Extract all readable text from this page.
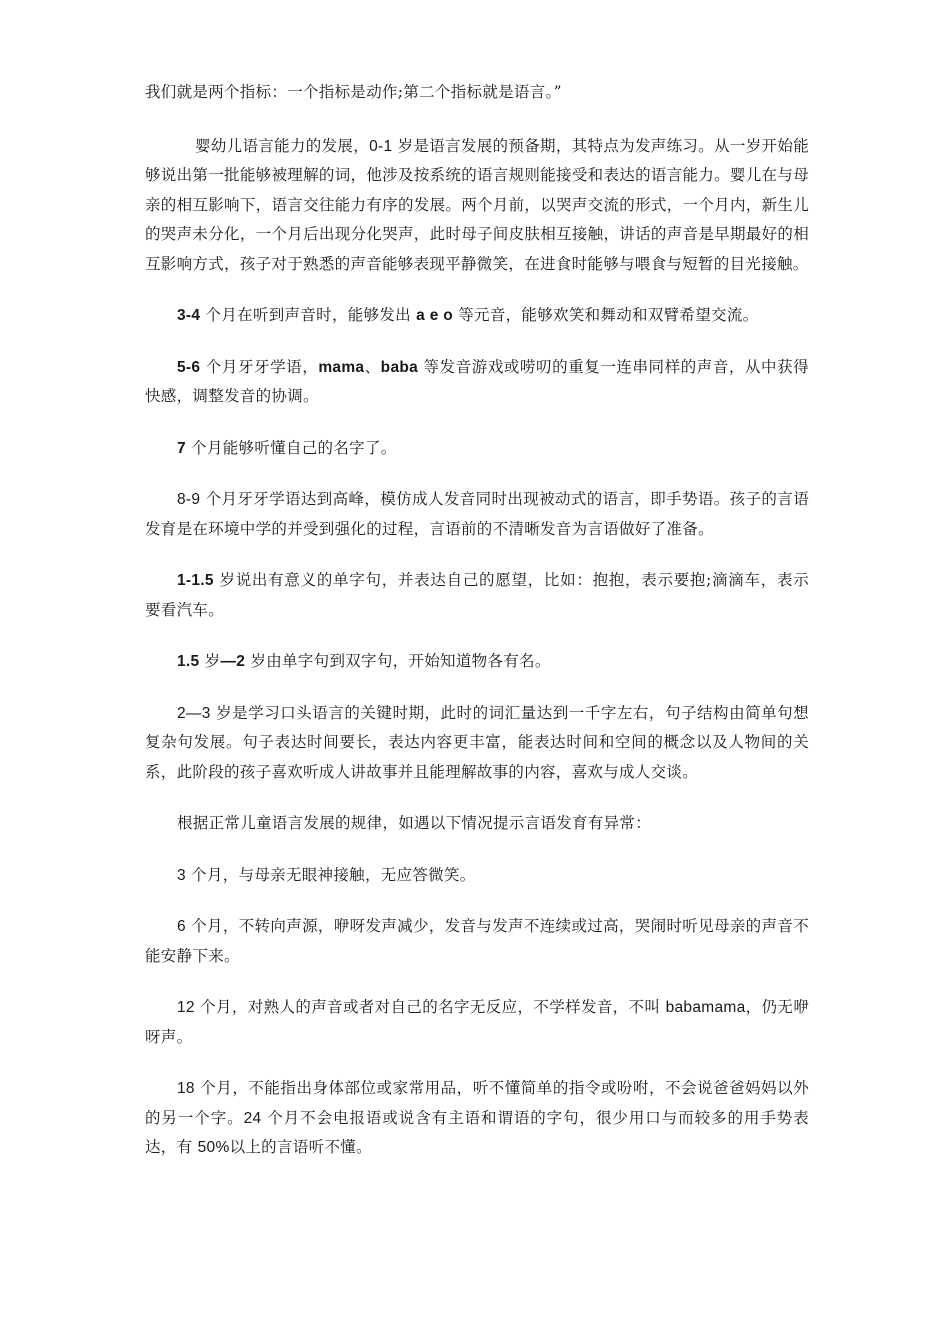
我们就是两个指标：一个指标是动作;第二个指标就是语言。”

婴幼儿语言能力的发展，0-1 岁是语言发展的预备期，其特点为发声练习。从一岁开始能够说出第一批能够被理解的词，他涉及按系统的语言规则能接受和表达的语言能力。婴儿在与母亲的相互影响下，语言交往能力有序的发展。两个月前，以哭声交流的形式，一个月内，新生儿的哭声未分化，一个月后出现分化哭声，此时母子间皮肤相互接触，讲话的声音是早期最好的相互影响方式，孩子对于熟悉的声音能够表现平静微笑，在进食时能够与喂食与短暂的目光接触。

3-4 个月在听到声音时，能够发出 a e o 等元音，能够欢笑和舞动和双臂希望交流。

5-6 个月牙牙学语，mama、baba 等发音游戏或唠叨的重复一连串同样的声音，从中获得快感，调整发音的协调。

7 个月能够听懂自己的名字了。

8-9 个月牙牙学语达到高峰，模仿成人发音同时出现被动式的语言，即手势语。孩子的言语发育是在环境中学的并受到强化的过程，言语前的不清晰发音为言语做好了准备。

1-1.5 岁说出有意义的单字句，并表达自己的愿望，比如：抱抱，表示要抱;滴滴车，表示要看汽车。

1.5 岁—2 岁由单字句到双字句，开始知道物各有名。

2—3 岁是学习口头语言的关键时期，此时的词汇量达到一千字左右，句子结构由简单句想复杂句发展。句子表达时间要长，表达内容更丰富，能表达时间和空间的概念以及人物间的关系，此阶段的孩子喜欢听成人讲故事并且能理解故事的内容，喜欢与成人交谈。

根据正常儿童语言发展的规律，如遇以下情况提示言语发育有异常：

3 个月，与母亲无眼神接触，无应答微笑。

6 个月，不转向声源，咿呀发声减少，发音与发声不连续或过高，哭闹时听见母亲的声音不能安静下来。

12 个月，对熟人的声音或者对自己的名字无反应，不学样发音，不叫 babamama，仍无咿呀声。

18 个月，不能指出身体部位或家常用品，听不懂简单的指令或吩咐，不会说爸爸妈妈以外的另一个字。24 个月不会电报语或说含有主语和谓语的字句，很少用口与而较多的用手势表达，有 50%以上的言语听不懂。
